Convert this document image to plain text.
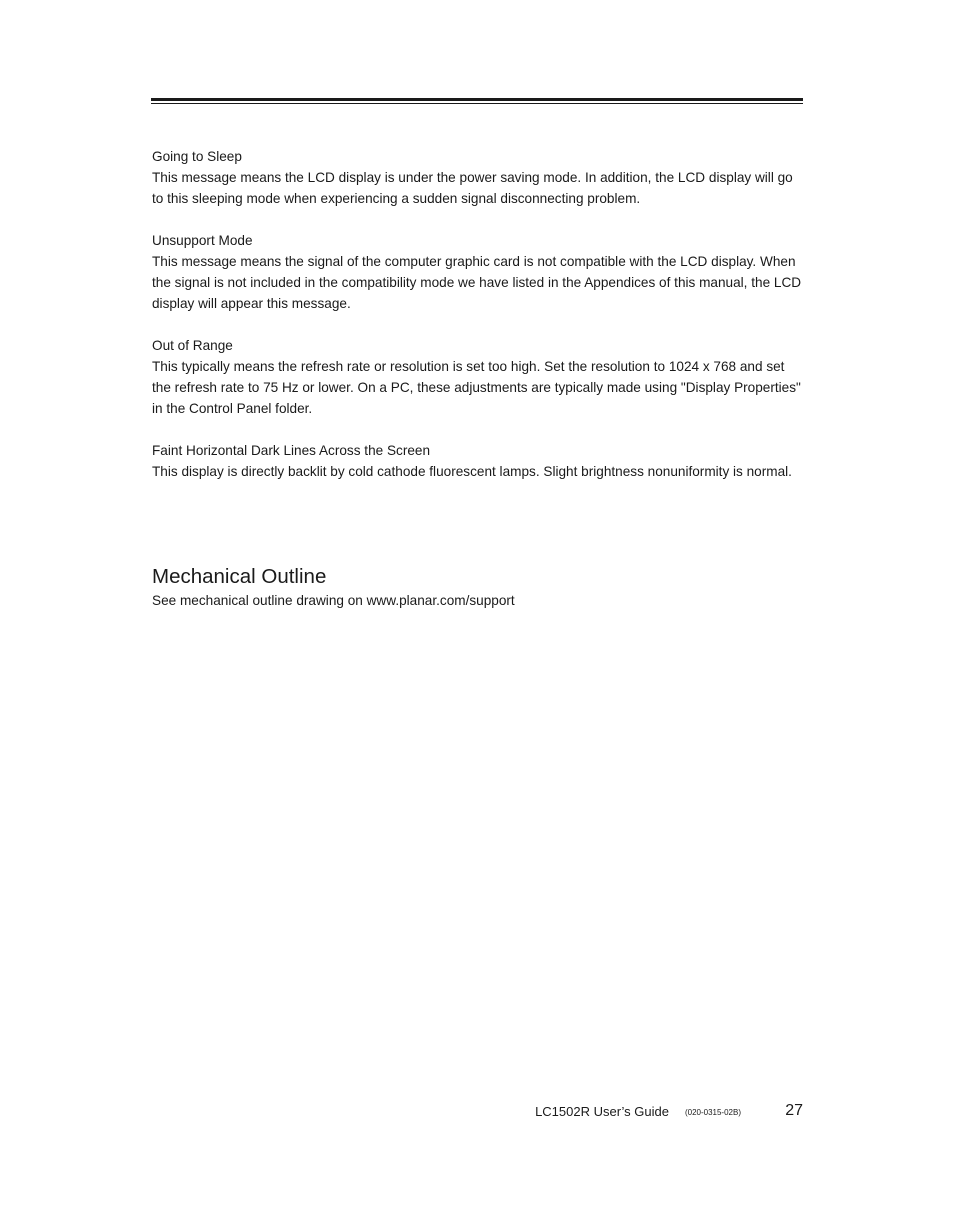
Going to Sleep

This message means the LCD display is under the power saving mode. In addition, the LCD display will go to this sleeping mode when experiencing a sudden signal disconnecting problem.

Unsupport Mode

This message means the signal of the computer graphic card is not compatible with the LCD display. When the signal is not included in the compatibility mode we have listed in the Appendices of this manual, the LCD display will appear this message.

Out of Range

This typically means the refresh rate or resolution is set too high. Set the resolution to 1024 x 768 and set the refresh rate to 75 Hz or lower. On a PC, these adjustments are typically made using "Display Properties" in the Control Panel folder.

Faint Horizontal Dark Lines Across the Screen

This display is directly backlit by cold cathode fluorescent lamps. Slight brightness nonuniformity is normal.

Mechanical Outline

See mechanical outline drawing on www.planar.com/support

LC1502R User’s Guide (020-0315-02B)	27
